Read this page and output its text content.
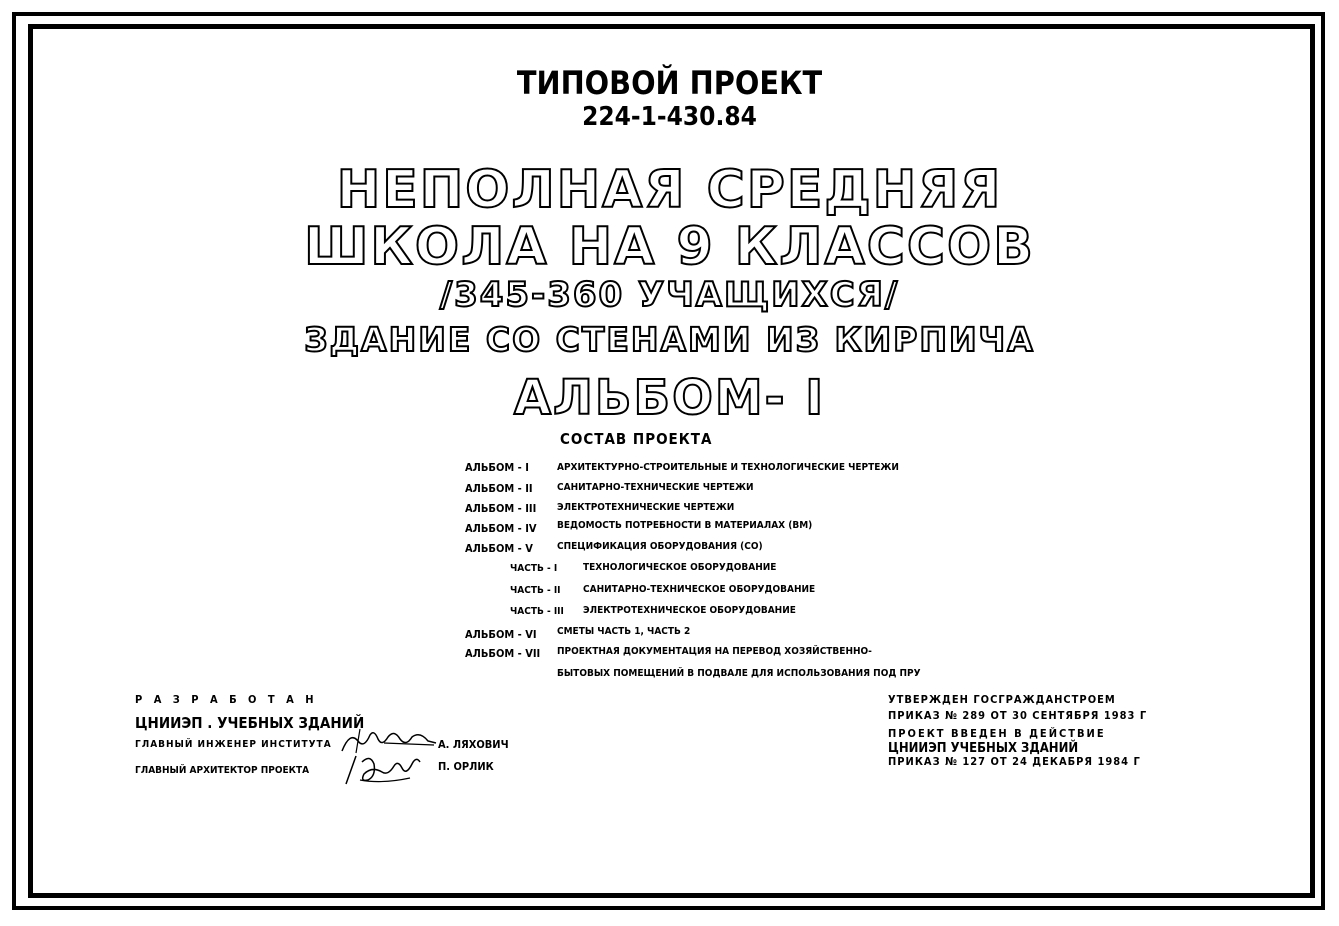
ТИПОВОЙ ПРОЕКТ
224-1-430.84
НЕПОЛНАЯ СРЕДНЯЯ
ШКОЛА НА 9 КЛАССОВ
/345-360 УЧАЩИХСЯ/
ЗДАНИЕ СО СТЕНАМИ ИЗ КИРПИЧА
АЛЬБОМ- I
СОСТАВ ПРОЕКТА
АЛЬБОМ - I	АРХИТЕКТУРНО-СТРОИТЕЛЬНЫЕ И ТЕХНОЛОГИЧЕСКИЕ ЧЕРТЕЖИ
АЛЬБОМ - II САНИТАРНО-ТЕХНИЧЕСКИЕ ЧЕРТЕЖИ
АЛЬБОМ - III ЭЛЕКТРОТЕХНИЧЕСКИЕ ЧЕРТЕЖИ
АЛЬБОМ - IV ВЕДОМОСТЬ ПОТРЕБНОСТИ В МАТЕРИАЛАХ (ВМ)
АЛЬБОМ - V СПЕЦИФИКАЦИЯ ОБОРУДОВАНИЯ (СО)
ЧАСТЬ - I	ТЕХНОЛОГИЧЕСКОЕ ОБОРУДОВАНИЕ
ЧАСТЬ - II САНИТАРНО-ТЕХНИЧЕСКОЕ ОБОРУДОВАНИЕ
ЧАСТЬ - III ЭЛЕКТРОТЕХНИЧЕСКОЕ ОБОРУДОВАНИЕ
АЛЬБОМ - VI СМЕТЫ ЧАСТЬ 1, ЧАСТЬ 2
АЛЬБОМ - VII ПРОЕКТНАЯ ДОКУМЕНТАЦИЯ НА ПЕРЕВОД ХОЗЯЙСТВЕННО-
БЫТОВЫХ ПОМЕЩЕНИЙ В ПОДВАЛЕ ДЛЯ ИСПОЛЬЗОВАНИЯ ПОД ПРУ
Р А З Р А Б О Т А Н
ЦНИИЭП . УЧЕБНЫХ ЗДАНИЙ
ГЛАВНЫЙ ИНЖЕНЕР ИНСТИТУТА	А. ЛЯХОВИЧ
ГЛАВНЫЙ АРХИТЕКТОР ПРОЕКТА	П. ОРЛИК
УТВЕРЖДЕН ГОСГРАЖДАНСТРОЕМ
ПРИКАЗ № 289 ОТ 30 СЕНТЯБРЯ 1983 Г
ПРОЕКТ ВВЕДЕН В ДЕЙСТВИЕ
ЦНИИЭП УЧЕБНЫХ ЗДАНИЙ
ПРИКАЗ № 127 ОТ 24 ДЕКАБРЯ 1984 Г
